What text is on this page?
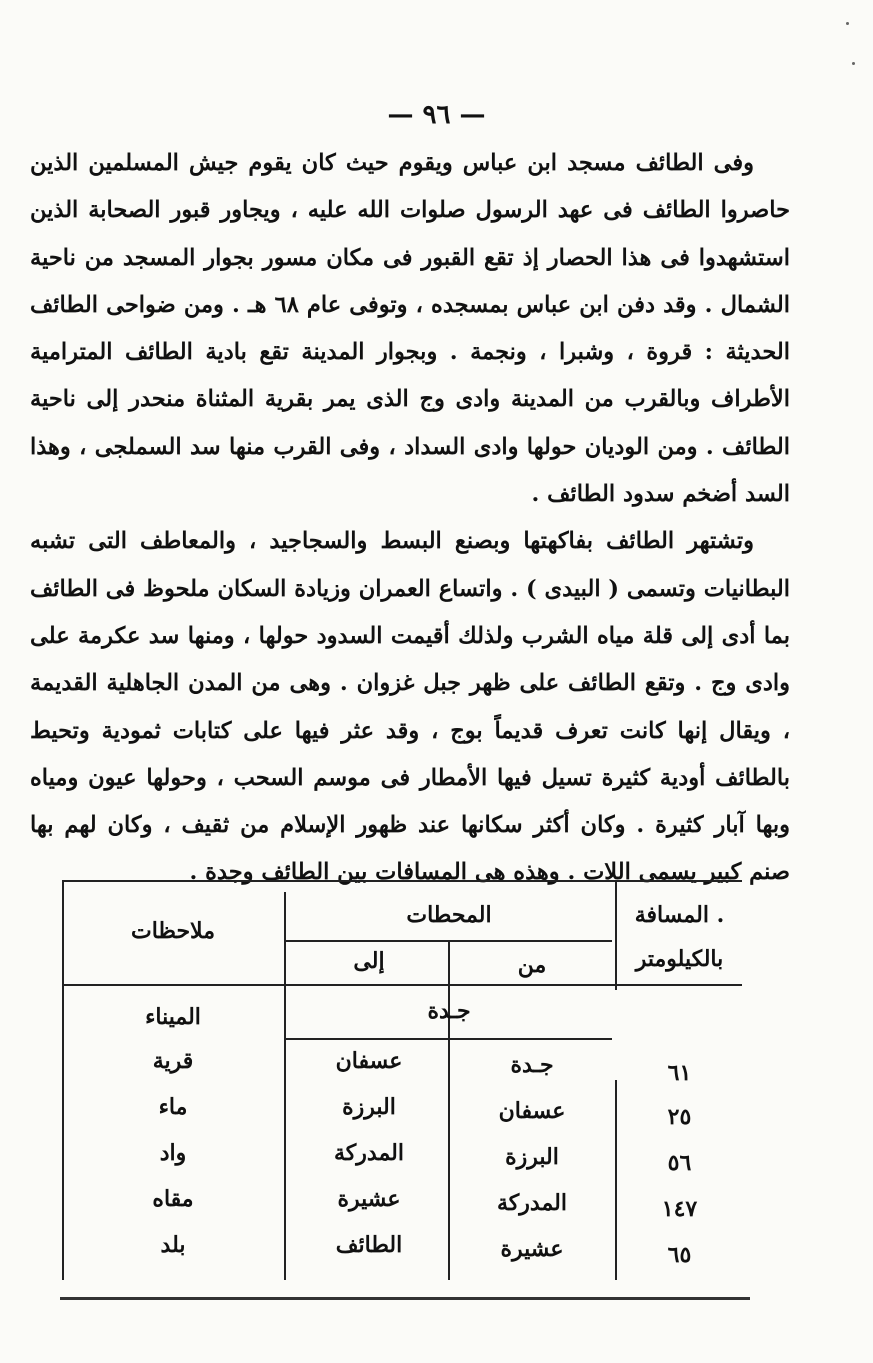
— ٩٦ —

وفى الطائف مسجد ابن عباس ويقوم حيث كان يقوم جيش المسلمين الذين حاصروا الطائف فى عهد الرسول صلوات الله عليه ، ويجاور قبور الصحابة الذين استشهدوا فى هذا الحصار إذ تقع القبور فى مكان مسور بجوار المسجد من ناحية الشمال . وقد دفن ابن عباس بمسجده ، وتوفى عام ٦٨ هـ . ومن ضواحى الطائف الحديثة : قروة ، وشبرا ، ونجمة . وبجوار المدينة تقع بادية الطائف المترامية الأطراف وبالقرب من المدينة وادى وج الذى يمر بقرية المثناة منحدر إلى ناحية الطائف . ومن الوديان حولها وادى السداد ، وفى القرب منها سد السملجى ، وهذا السد أضخم سدود الطائف .

وتشتهر الطائف بفاكهتها وبصنع البسط والسجاجيد ، والمعاطف التى تشبه البطانيات وتسمى ( البيدى ) . واتساع العمران وزيادة السكان ملحوظ فى الطائف بما أدى إلى قلة مياه الشرب ولذلك أقيمت السدود حولها ، ومنها سد عكرمة على وادى وج . وتقع الطائف على ظهر جبل غزوان . وهى من المدن الجاهلية القديمة ، ويقال إنها كانت تعرف قديماً بوج ، وقد عثر فيها على كتابات ثمودية وتحيط بالطائف أودية كثيرة تسيل فيها الأمطار فى موسم السحب ، وحولها عيون ومياه وبها آبار كثيرة . وكان أكثر سكانها عند ظهور الإسلام من ثقيف ، وكان لهم بها صنم كبير يسمى اللات . وهذه هى المسافات بين الطائف وجدة .

. المسافة
بالكيلومتر
المحطات
من
إلى
ملاحظات
جـدة
الميناء
٦١
جـدة
عسفان
قرية
٢٥
عسفان
البرزة
ماء
٥٦
البرزة
المدركة
واد
١٤٧
المدركة
عشيرة
مقاه
٦٥
عشيرة
الطائف
بلد
